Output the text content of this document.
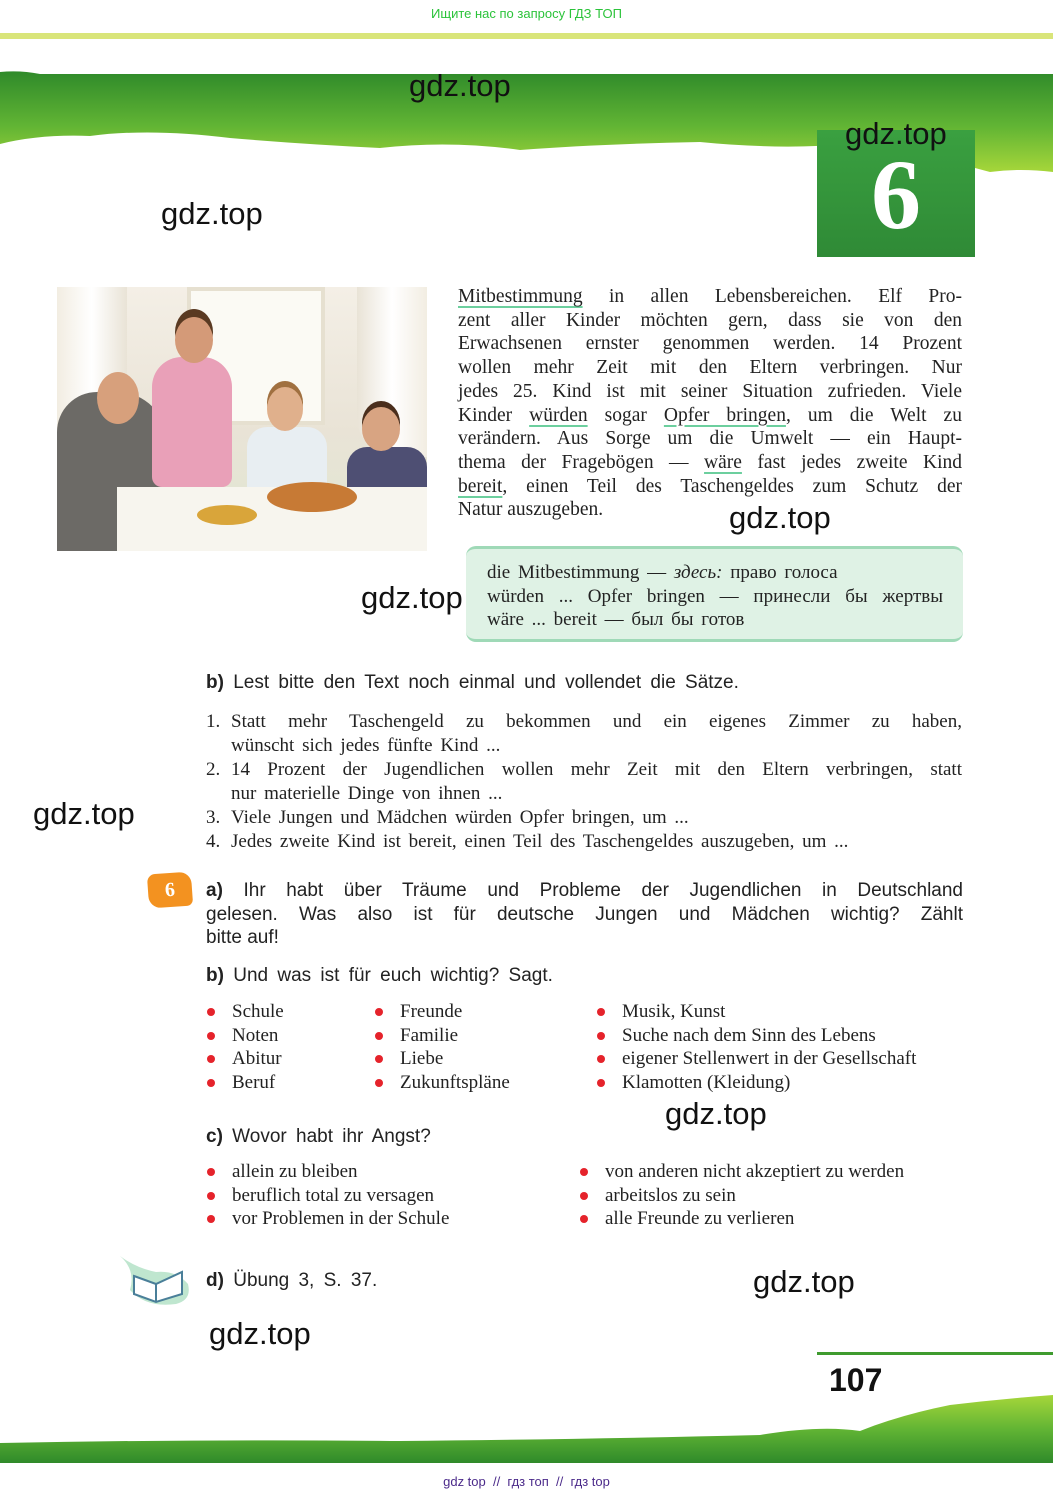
Ищите нас по запросу ГДЗ ТОП
6
Mitbestimmung in allen Lebensbereichen. Elf Pro-
zent aller Kinder möchten gern, dass sie von den
Erwachsenen ernster genommen werden. 14 Prozent
wollen mehr Zeit mit den Eltern verbringen. Nur
jedes 25. Kind ist mit seiner Situation zufrieden. Viele
Kinder würden sogar Opfer bringen, um die Welt zu
verändern. Aus Sorge um die Umwelt — ein Haupt-
thema der Fragebögen — wäre fast jedes zweite Kind
bereit, einen Teil des Taschengeldes zum Schutz der
Natur auszugeben.
die Mitbestimmung — здесь: право голоса
würden ... Opfer bringen — принесли бы жертвы
wäre ... bereit — был бы готов
b) Lest bitte den Text noch einmal und vollendet die Sätze.
1. Statt mehr Taschengeld zu bekommen und ein eigenes Zimmer zu haben,
wünscht sich jedes fünfte Kind ...
2. 14 Prozent der Jugendlichen wollen mehr Zeit mit den Eltern verbringen, statt
nur materielle Dinge von ihnen ...
3. Viele Jungen und Mädchen würden Opfer bringen, um ...
4. Jedes zweite Kind ist bereit, einen Teil des Taschengeldes auszugeben, um ...
6	a) Ihr habt über Träume und Probleme der Jugendlichen in Deutschland
gelesen. Was also ist für deutsche Jungen und Mädchen wichtig? Zählt
bitte auf!
b) Und was ist für euch wichtig? Sagt.
Schule
Noten
Abitur
Beruf
Freunde
Familie
Liebe
Zukunftspläne
Musik, Kunst
Suche nach dem Sinn des Lebens
eigener Stellenwert in der Gesellschaft
Klamotten (Kleidung)
c) Wovor habt ihr Angst?
allein zu bleiben
beruflich total zu versagen
vor Problemen in der Schule
von anderen nicht akzeptiert zu werden
arbeitslos zu sein
alle Freunde zu verlieren
d) Übung 3, S. 37.
gdz.top
gdz.top
gdz.top
gdz.top
gdz.top
gdz.top
gdz.top
gdz.top
gdz.top
107
gdz top  //  гдз топ  //  гдз top
